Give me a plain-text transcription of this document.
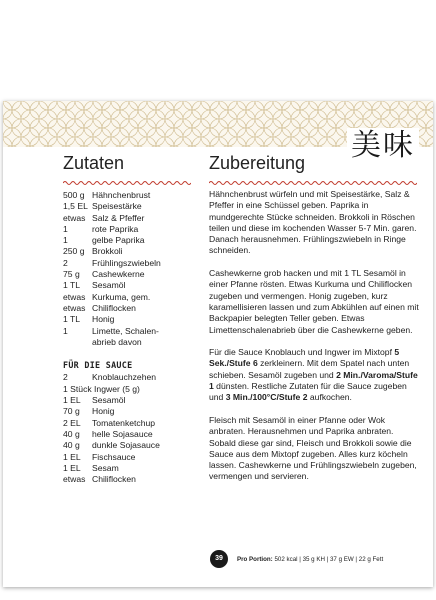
美味
Zutaten	Zubereitung
500 g Hähnchenbrust
1,5 EL Speisestärke
etwas Salz & Pfeffer
1	rote Paprika
1	gelbe Paprika
250 g Brokkoli
2	Frühlingszwiebeln
75 g	Cashewkerne
1 TL	Sesamöl
etwas Kurkuma, gem.
etwas Chiliflocken
1 TL	Honig
1	Limette, Schalen-
abrieb davon
FÜR DIE SAUCE
2	Knoblauchzehen
1 Stück Ingwer (5 g)
1 EL	Sesamöl
70 g	Honig
2 EL	Tomatenketchup
40 g	helle Sojasauce
40 g	dunkle Sojasauce
1 EL	Fischsauce
1 EL	Sesam
etwas Chiliflocken

Hähnchenbrust würfeln und mit Speisestärke, Salz & Pfeffer in eine Schüssel geben. Paprika in mundgerechte Stücke schneiden. Brokkoli in Röschen teilen und diese im kochenden Wasser 5-7 Min. garen. Danach herausnehmen. Frühlingszwiebeln in Ringe schneiden.

Cashewkerne grob hacken und mit 1 TL Sesamöl in einer Pfanne rösten. Etwas Kurkuma und Chiliflocken zugeben und vermengen. Honig zugeben, kurz karamellisieren lassen und zum Abkühlen auf einen mit Backpapier belegten Teller geben. Etwas Limettenschalenabrieb über die Cashewkerne geben.

Für die Sauce Knoblauch und Ingwer im Mixtopf 5 Sek./Stufe 6 zerkleinern. Mit dem Spatel nach unten schieben. Sesamöl zugeben und 2 Min./Varoma/Stufe 1 dünsten. Restliche Zutaten für die Sauce zugeben und 3 Min./100°C/Stufe 2 aufkochen.

Fleisch mit Sesamöl in einer Pfanne oder Wok anbraten. Herausnehmen und Paprika anbraten. Sobald diese gar sind, Fleisch und Brokkoli sowie die Sauce aus dem Mixtopf zugeben. Alles kurz köcheln lassen. Cashewkerne und Frühlingszwiebeln zugeben, vermengen und servieren.

39	Pro Portion: 502 kcal | 35 g KH | 37 g EW | 22 g Fett
